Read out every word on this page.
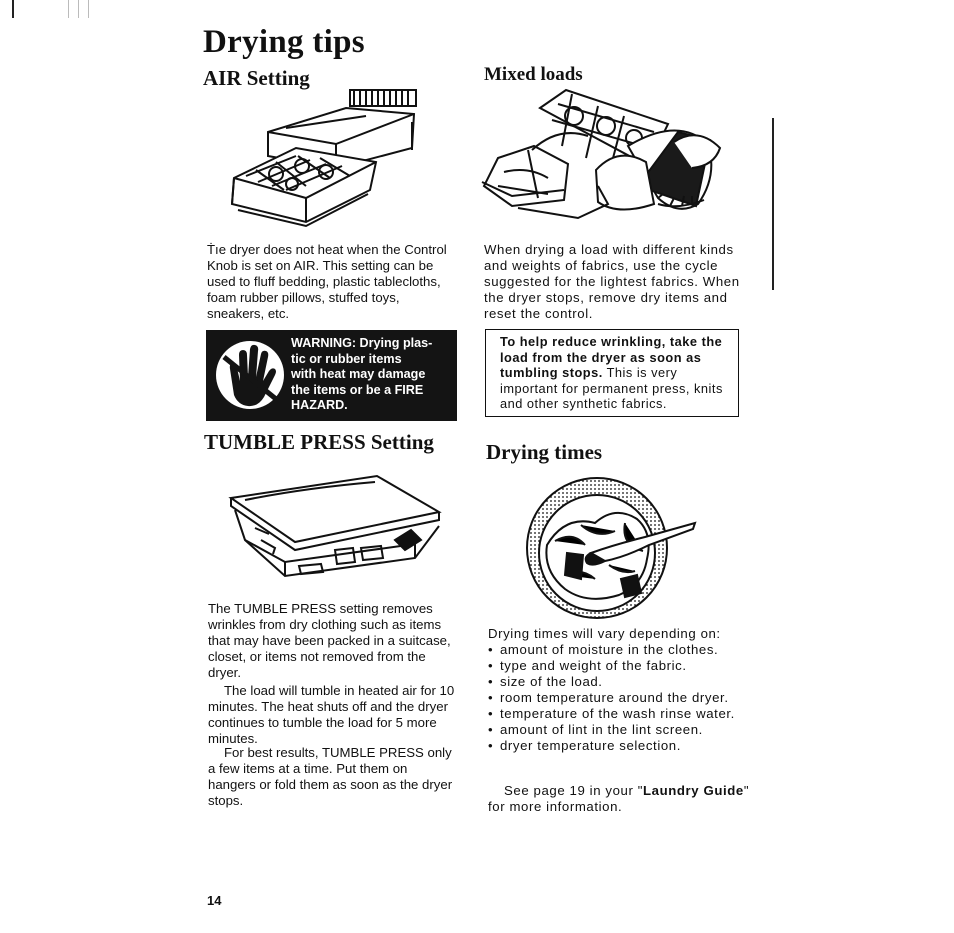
Drying tips
AIR Setting
Ṫıe dryer does not heat when the Control Knob is set on AIR. This setting can be used to fluff bedding, plastic tablecloths, foam rubber pillows, stuffed toys, sneakers, etc.
WARNING: Drying plas-
tic or rubber items
with heat may damage
the items or be a FIRE
HAZARD.
Mixed loads
When drying a load with different kinds and weights of fabrics, use the cycle suggested for the lightest fabrics. When the dryer stops, remove dry items and reset the control.
To help reduce wrinkling, take the load from the dryer as soon as tumbling stops. This is very important for permanent press, knits and other synthetic fabrics.
TUMBLE PRESS Setting
The TUMBLE PRESS setting removes wrinkles from dry clothing such as items that may have been packed in a suitcase, closet, or items not removed from the dryer.
The load will tumble in heated air for 10 minutes. The heat shuts off and the dryer continues to tumble the load for 5 more minutes.
For best results, TUMBLE PRESS only a few items at a time. Put them on hangers or fold them as soon as the dryer stops.
Drying times
Drying times will vary depending on:
• amount of moisture in the clothes.
• type and weight of the fabric.
• size of the load.
• room temperature around the dryer.
• temperature of the wash rinse water.
• amount of lint in the lint screen.
• dryer temperature selection.
See page 19 in your "Laundry Guide" for more information.
14
